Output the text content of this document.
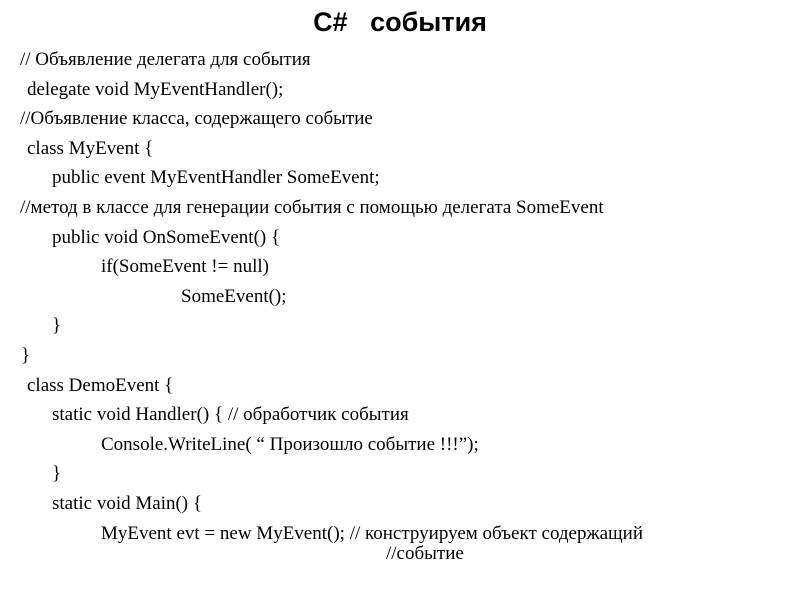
C#   события
// Объявление делегата для события
delegate void MyEventHandler();
//Объявление класса, содержащего событие
class MyEvent {
public event MyEventHandler SomeEvent;
//метод в классе для генерации события с помощью делегата SomeEvent
public void OnSomeEvent() {
if(SomeEvent != null)
SomeEvent();
}
}
class DemoEvent {
static void Handler() { // обработчик события
Console.WriteLine( “ Произошло событие !!!”);
}
static void Main() {
MyEvent evt = new MyEvent(); // конструируем объект содержащий
//событие
